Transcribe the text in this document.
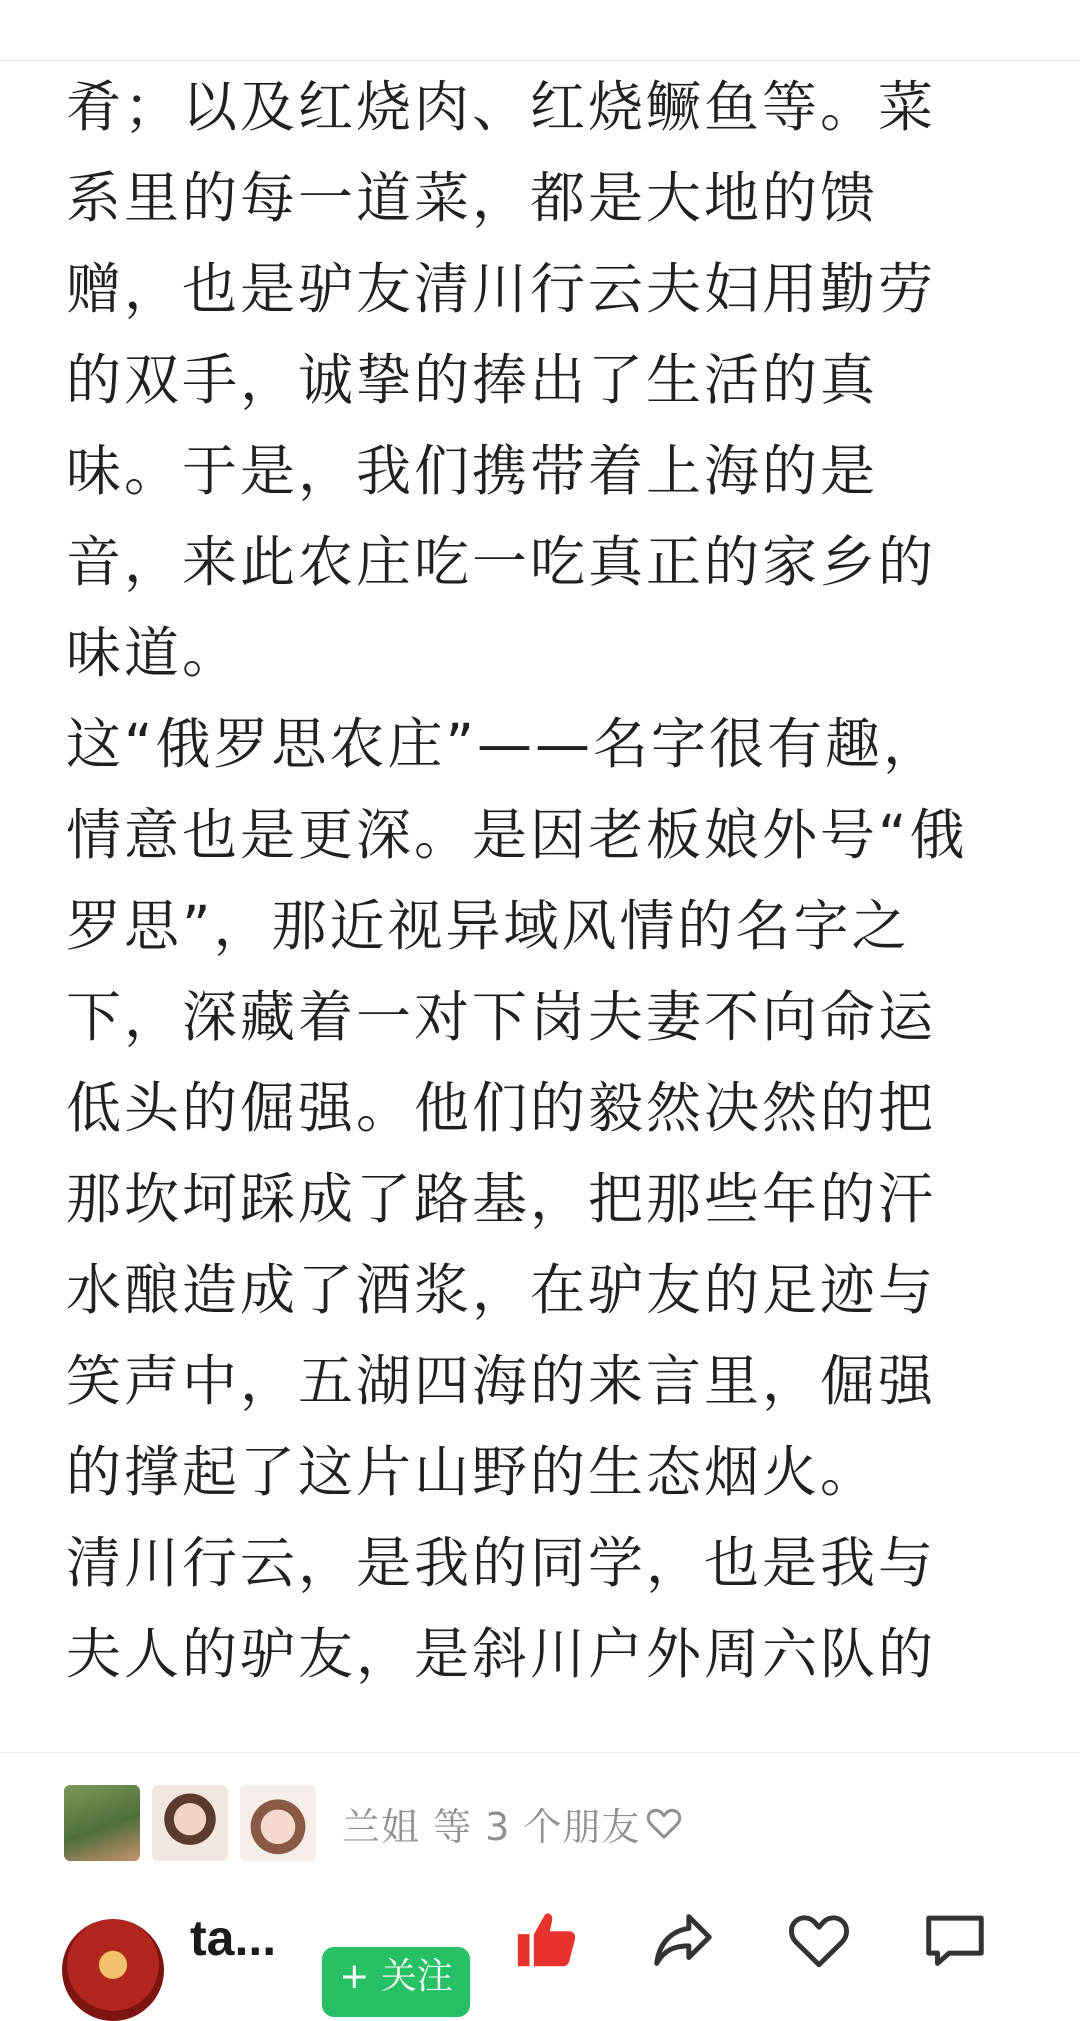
肴；以及红烧肉、红烧鳜鱼等。菜
系里的每一道菜，都是大地的馈
赠，也是驴友清川行云夫妇用勤劳
的双手，诚挚的捧出了生活的真
味。于是，我们携带着上海的是
音，来此农庄吃一吃真正的家乡的
味道。
这“俄罗思农庄”——名字很有趣，
情意也是更深。是因老板娘外号“俄
罗思”，那近视异域风情的名字之
下，深藏着一对下岗夫妻不向命运
低头的倔强。他们的毅然决然的把
那坎坷踩成了路基，把那些年的汗
水酿造成了酒浆，在驴友的足迹与
笑声中，五湖四海的来言里，倔强
的撑起了这片山野的生态烟火。
清川行云，是我的同学，也是我与
夫人的驴友，是斜川户外周六队的
兰姐 等 3 个朋友
ta...
+ 关注
